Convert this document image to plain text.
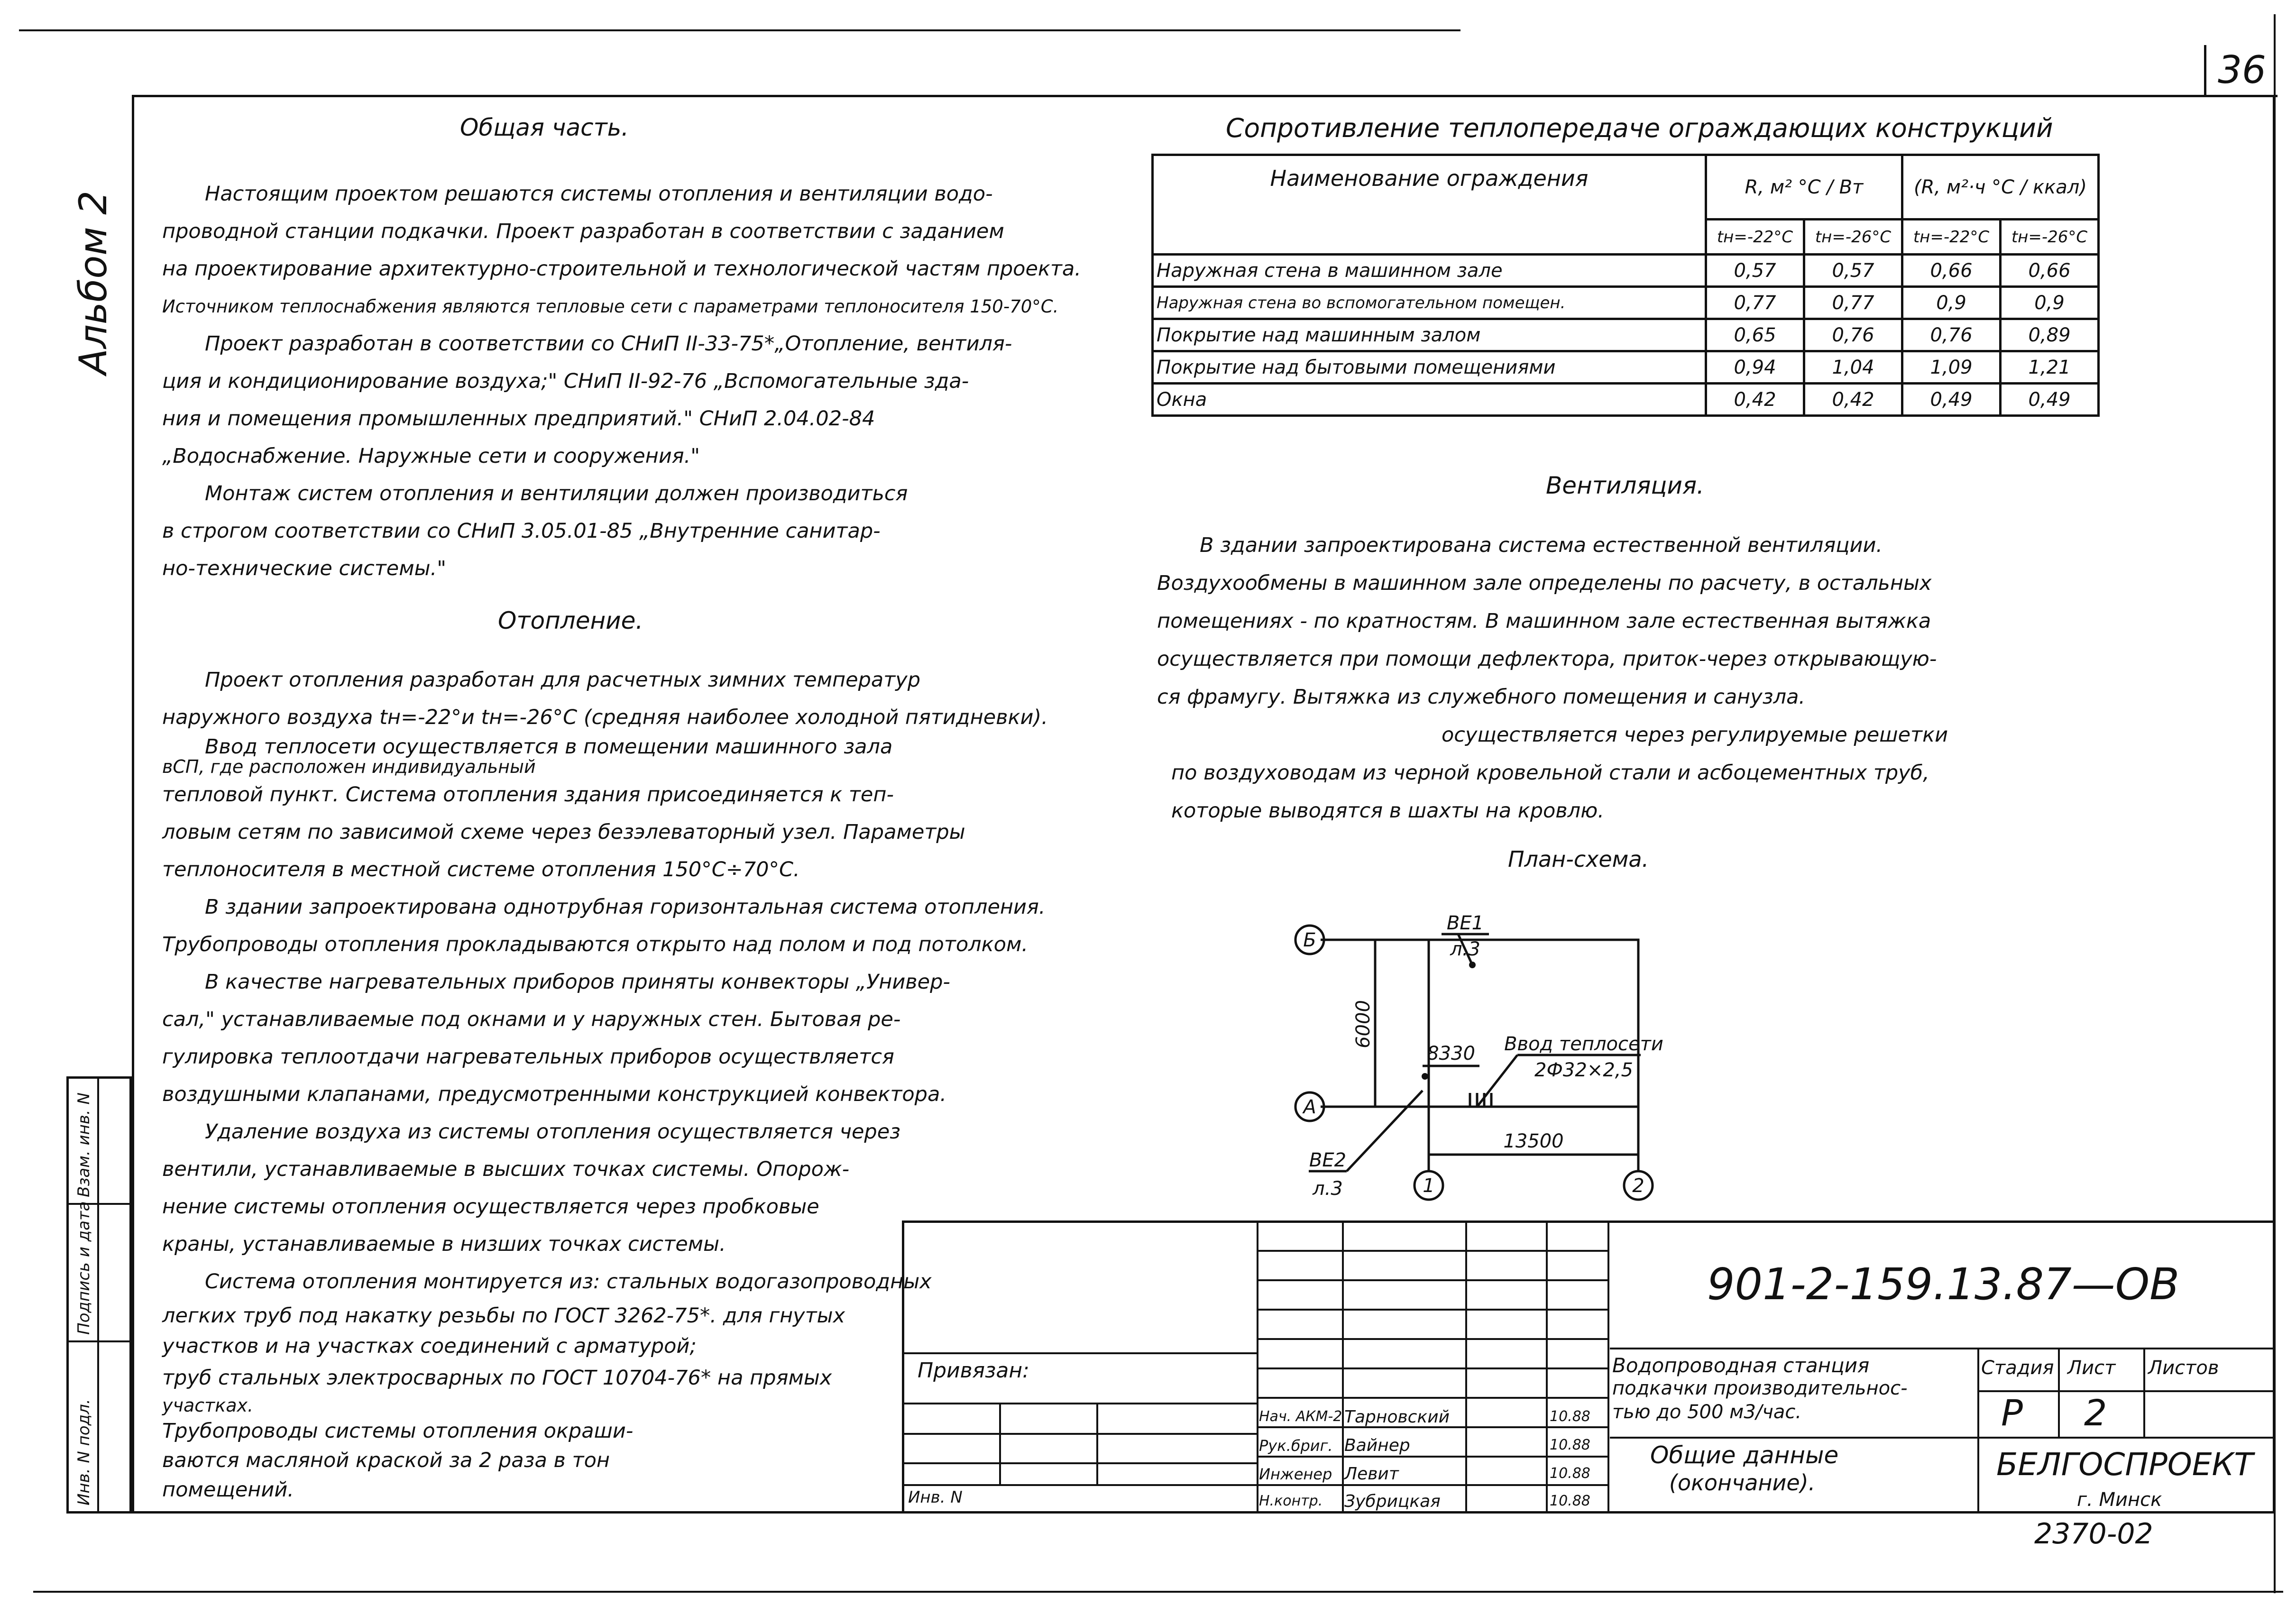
36
Альбом 2
Взам. инв. N
Подпись и дата
Инв. N подл.
Общая часть.
Настоящим проектом решаются системы отопления и вентиляции водо-
проводной станции подкачки. Проект разработан в соответствии с заданием
на проектирование архитектурно-строительной и технологической частям проекта.
Источником теплоснабжения являются тепловые сети с параметрами теплоносителя 150-70°С.
Проект разработан в соответствии со СНиП II-33-75*„Отопление, вентиля-
ция и кондиционирование воздуха;" СНиП II-92-76 „Вспомогательные зда-
ния и помещения промышленных предприятий." СНиП 2.04.02-84
„Водоснабжение. Наружные сети и сооружения."
Монтаж систем отопления и вентиляции должен производиться
в строгом соответствии со СНиП 3.05.01-85 „Внутренние санитар-
но-технические системы."
Отопление.
Проект отопления разработан для расчетных зимних температур
наружного воздуха tн=-22°и tн=-26°С (средняя наиболее холодной пятидневки).
Ввод теплосети осуществляется в помещении машинного зала
вСП, где расположен индивидуальный
тепловой пункт. Система отопления здания присоединяется к теп-
ловым сетям по зависимой схеме через безэлеваторный узел. Параметры
теплоносителя в местной системе отопления 150°С÷70°С.
В здании запроектирована однотрубная горизонтальная система отопления.
Трубопроводы отопления прокладываются открыто над полом и под потолком.
В качестве нагревательных приборов приняты конвекторы „Универ-
сал," устанавливаемые под окнами и у наружных стен. Бытовая ре-
гулировка теплоотдачи нагревательных приборов осуществляется
воздушными клапанами, предусмотренными конструкцией конвектора.
Удаление воздуха из системы отопления осуществляется через
вентили, устанавливаемые в высших точках системы. Опорож-
нение системы отопления осуществляется через пробковые
краны, устанавливаемые в низших точках системы.
Система отопления монтируется из: стальных водогазопроводных
легких труб под накатку резьбы по ГОСТ 3262-75*. для гнутых
участков и на участках соединений с арматурой;
труб стальных электросварных по ГОСТ 10704-76* на прямых
участках.
Трубопроводы системы отопления окраши-
ваются масляной краской за 2 раза в тон
помещений.
Сопротивление теплопередаче ограждающих конструкций
Наименование ограждения	R, м² °С / Вт		(R, м²·ч °С / ккал)	
	tн=-22°С	tн=-26°С	tн=-22°С	tн=-26°С
Наружная стена в машинном зале	0,57	0,57	0,66	0,66
Наружная стена во вспомогательном помещен.	0,77	0,77	0,9	0,9
Покрытие над машинным залом	0,65	0,76	0,76	0,89
Покрытие над бытовыми помещениями	0,94	1,04	1,09	1,21
Окна	0,42	0,42	0,49	0,49
Вентиляция.
В здании запроектирована система естественной вентиляции.
Воздухообмены в машинном зале определены по расчету, в остальных
помещениях - по кратностям. В машинном зале естественная вытяжка
осуществляется при помощи дефлектора, приток-через открывающую-
ся фрамугу. Вытяжка из служебного помещения и санузла.
осуществляется через регулируемые решетки
по воздуховодам из черной кровельной стали и асбоцементных труб,
которые выводятся в шахты на кровлю.
План-схема.
Б
А
1	2
ВЕ1
л.3
ВЕ2
л.3
8330
13500
Ввод теплосети
2Ф32×2,5
6000
Привязан:
Инв. N
Нач. АКМ-2 Тарновский	10.88
Рук.бриг. Вайнер	10.88
Инженер Левит	10.88
Н.контр. Зубрицкая	10.88
901-2-159.13.87—ОВ
Водопроводная станция
подкачки производительнос-
тью до 500 м3/час.
Общие данные
(окончание).
Стадия Лист Листов
Р 2
БЕЛГОСПРОЕКТ
г. Минск
2370-02
